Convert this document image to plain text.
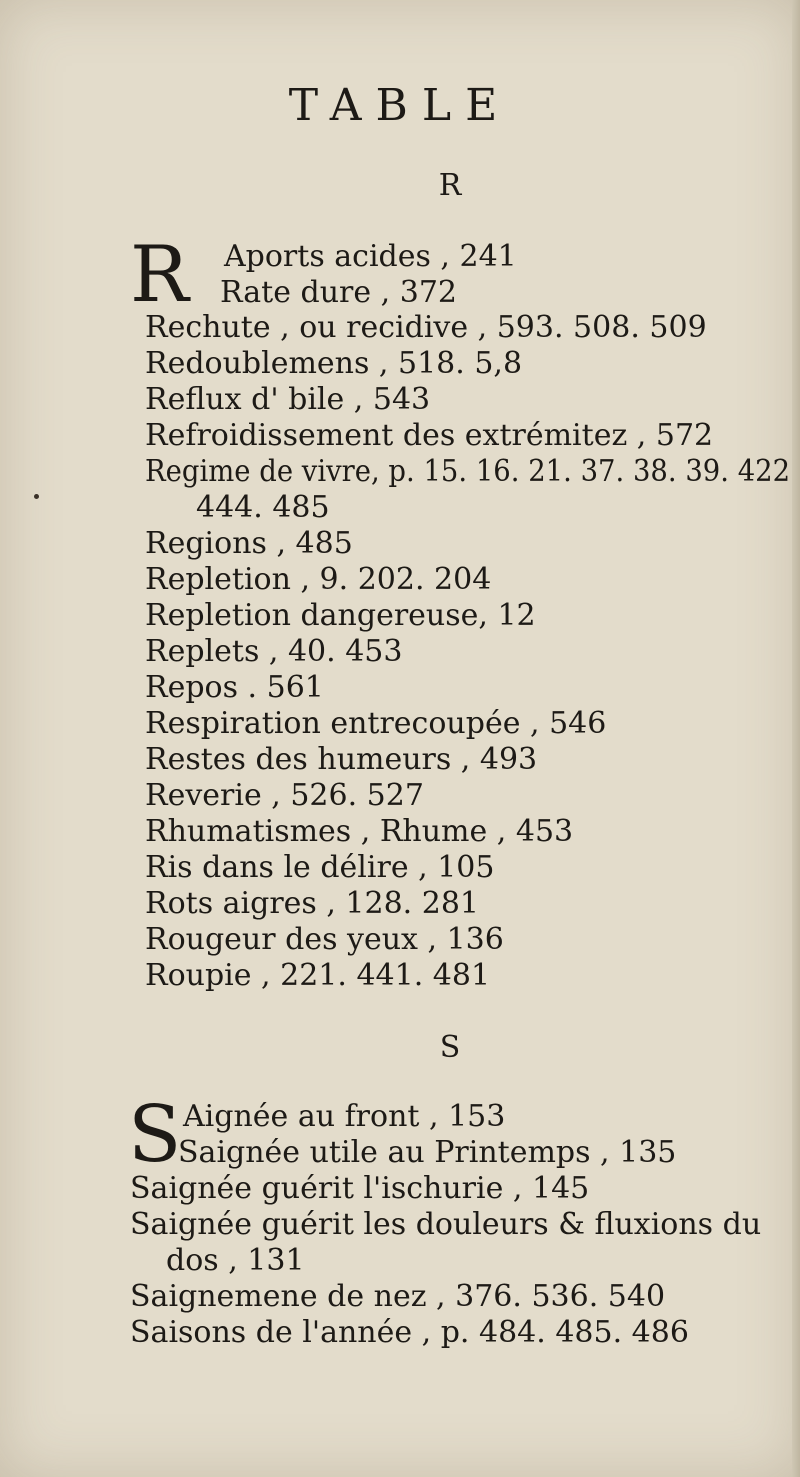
TABLE
R
R Aports acides , 241
Rate dure , 372
Rechute , ou recidive , 593. 508. 509
Redoublemens , 518. 5,8
Reflux d' bile , 543
Refroidissement des extrémitez , 572
Regime de vivre, p. 15. 16. 21. 37. 38. 39. 422
444. 485
Regions , 485
Repletion , 9. 202. 204
Repletion dangereuse, 12
Replets , 40. 453
Repos . 561
Respiration entrecoupée , 546
Restes des humeurs , 493
Reverie , 526. 527
Rhumatismes , Rhume , 453
Ris dans le délire , 105
Rots aigres , 128. 281
Rougeur des yeux , 136
Roupie , 221. 441. 481
S
S Aignée au front , 153
Saignée utile au Printemps , 135
Saignée guérit l'ischurie , 145
Saignée guérit les douleurs & fluxions du
dos , 131
Saignemene de nez , 376. 536. 540
Saisons de l'année , p. 484. 485. 486
